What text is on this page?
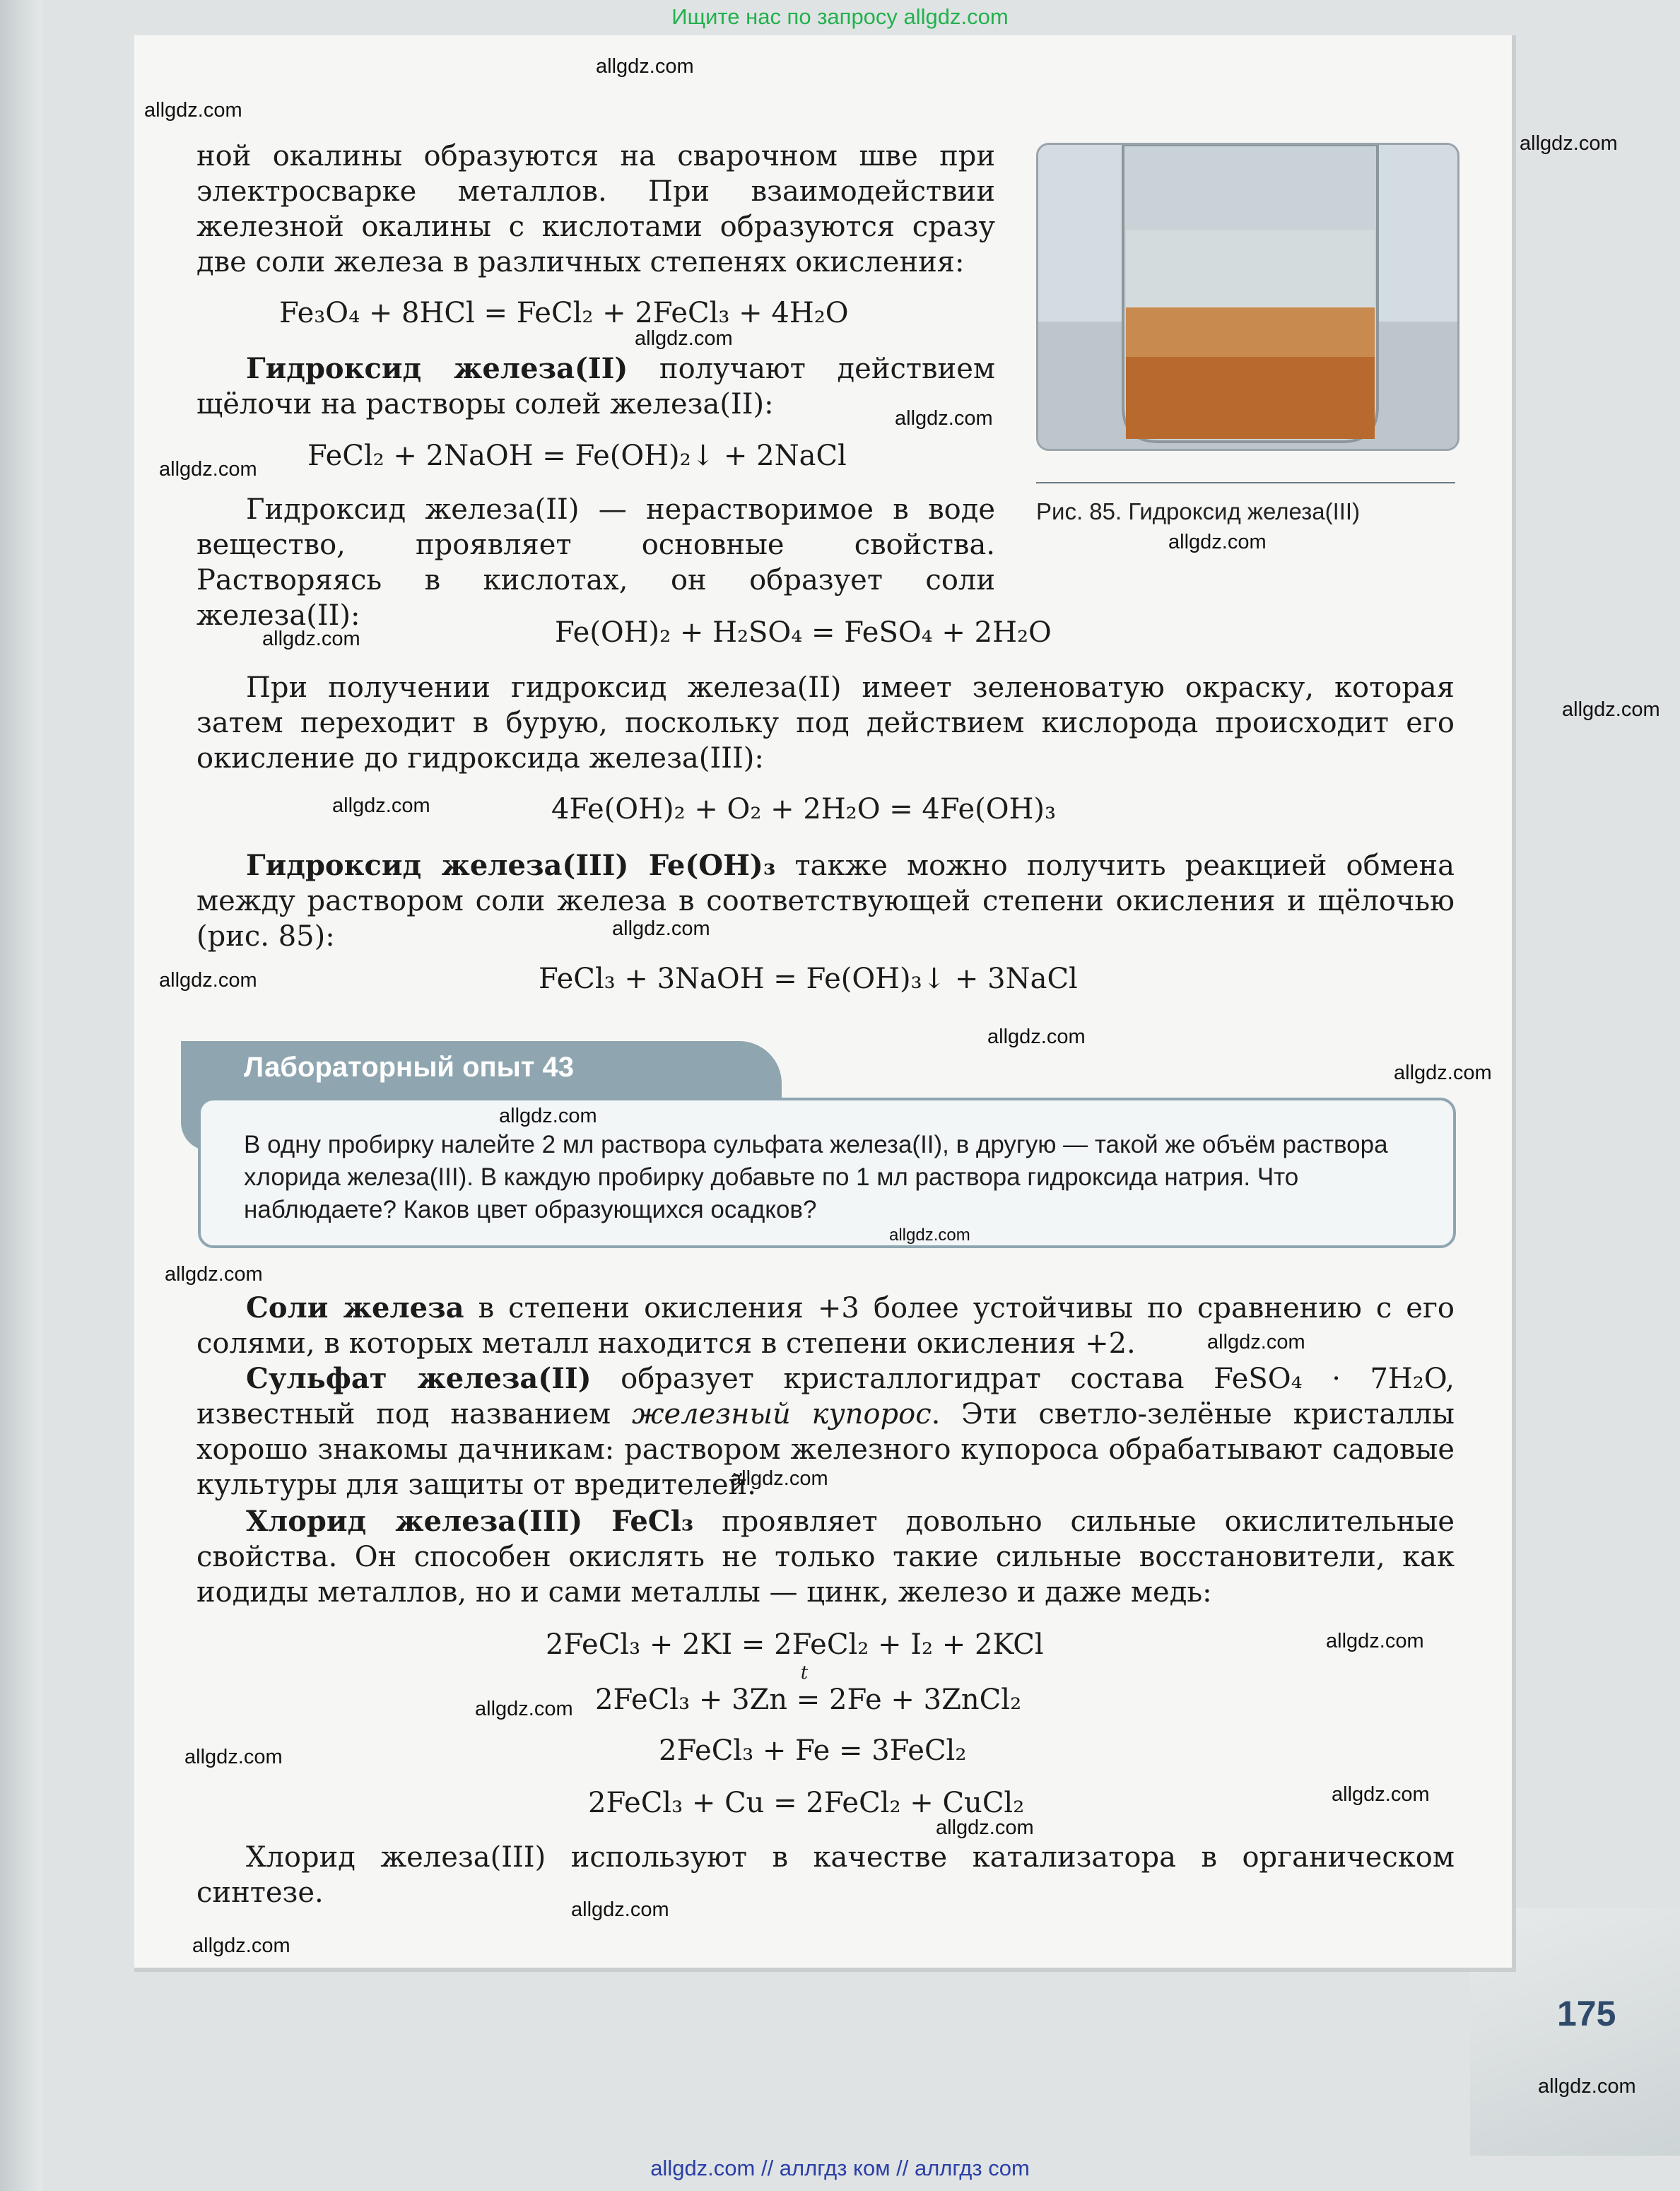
Ищите нас по запросу allgdz.com

ной окалины образуются на сварочном шве при электросварке металлов. При взаимодействии железной окалины с кислотами образуются сразу две соли железа в различных степенях окисления:

Fe₃O₄ + 8HCl = FeCl₂ + 2FeCl₃ + 4H₂O

Гидроксид железа(II) получают действием щёлочи на растворы солей железа(II):

FeCl₂ + 2NaOH = Fe(OH)₂↓ + 2NaCl

Гидроксид железа(II) — нерастворимое в воде вещество, проявляет основные свойства. Растворяясь в кислотах, он образует соли железа(II):

Рис. 85. Гидроксид железа(III)
Fe(OH)₂ + H₂SO₄ = FeSO₄ + 2H₂O

При получении гидроксид железа(II) имеет зеленоватую окраску, которая затем переходит в бурую, поскольку под действием кислорода происходит его окисление до гидроксида железа(III):

4Fe(OH)₂ + O₂ + 2H₂O = 4Fe(OH)₃

Гидроксид железа(III) Fe(OH)₃ также можно получить реакцией обмена между раствором соли железа в соответствующей степени окисления и щёлочью (рис. 85):

FeCl₃ + 3NaOH = Fe(OH)₃↓ + 3NaCl
Лабораторный опыт 43
В одну пробирку налейте 2 мл раствора сульфата железа(II), в другую — такой же объём раствора хлорида железа(III). В каждую пробирку добавьте по 1 мл раствора гидроксида натрия. Что наблюдаете? Каков цвет образующихся осадков?

Соли железа в степени окисления +3 более устойчивы по сравнению с его солями, в которых металл находится в степени окисления +2.

Сульфат железа(II) образует кристаллогидрат состава FeSO₄ · 7H₂O, известный под названием железный купорос. Эти светло-зелёные кристаллы хорошо знакомы дачникам: раствором железного купороса обрабатывают садовые культуры для защиты от вредителей.

Хлорид железа(III) FeCl₃ проявляет довольно сильные окислительные свойства. Он способен окислять не только такие сильные восстановители, как иодиды металлов, но и сами металлы — цинк, железо и даже медь:

2FeCl₃ + 2KI = 2FeCl₂ + I₂ + 2KCl
2FeCl₃ + 3Zn
t
= 2Fe + 3ZnCl₂
2FeCl₃ + Fe = 3FeCl₂
2FeCl₃ + Cu = 2FeCl₂ + CuCl₂

Хлорид железа(III) используют в качестве катализатора в органическом синтезе.

175
allgdz.com
allgdz.com
allgdz.com
allgdz.com
allgdz.com
allgdz.com
allgdz.com
allgdz.com
allgdz.com
allgdz.com
allgdz.com
allgdz.com
allgdz.com
allgdz.com
allgdz.com
allgdz.com
allgdz.com
allgdz.com
allgdz.com
allgdz.com
allgdz.com
allgdz.com
allgdz.com
allgdz.com
allgdz.com
allgdz.com
allgdz.com
allgdz.com // аллгдз ком // аллгдз com
